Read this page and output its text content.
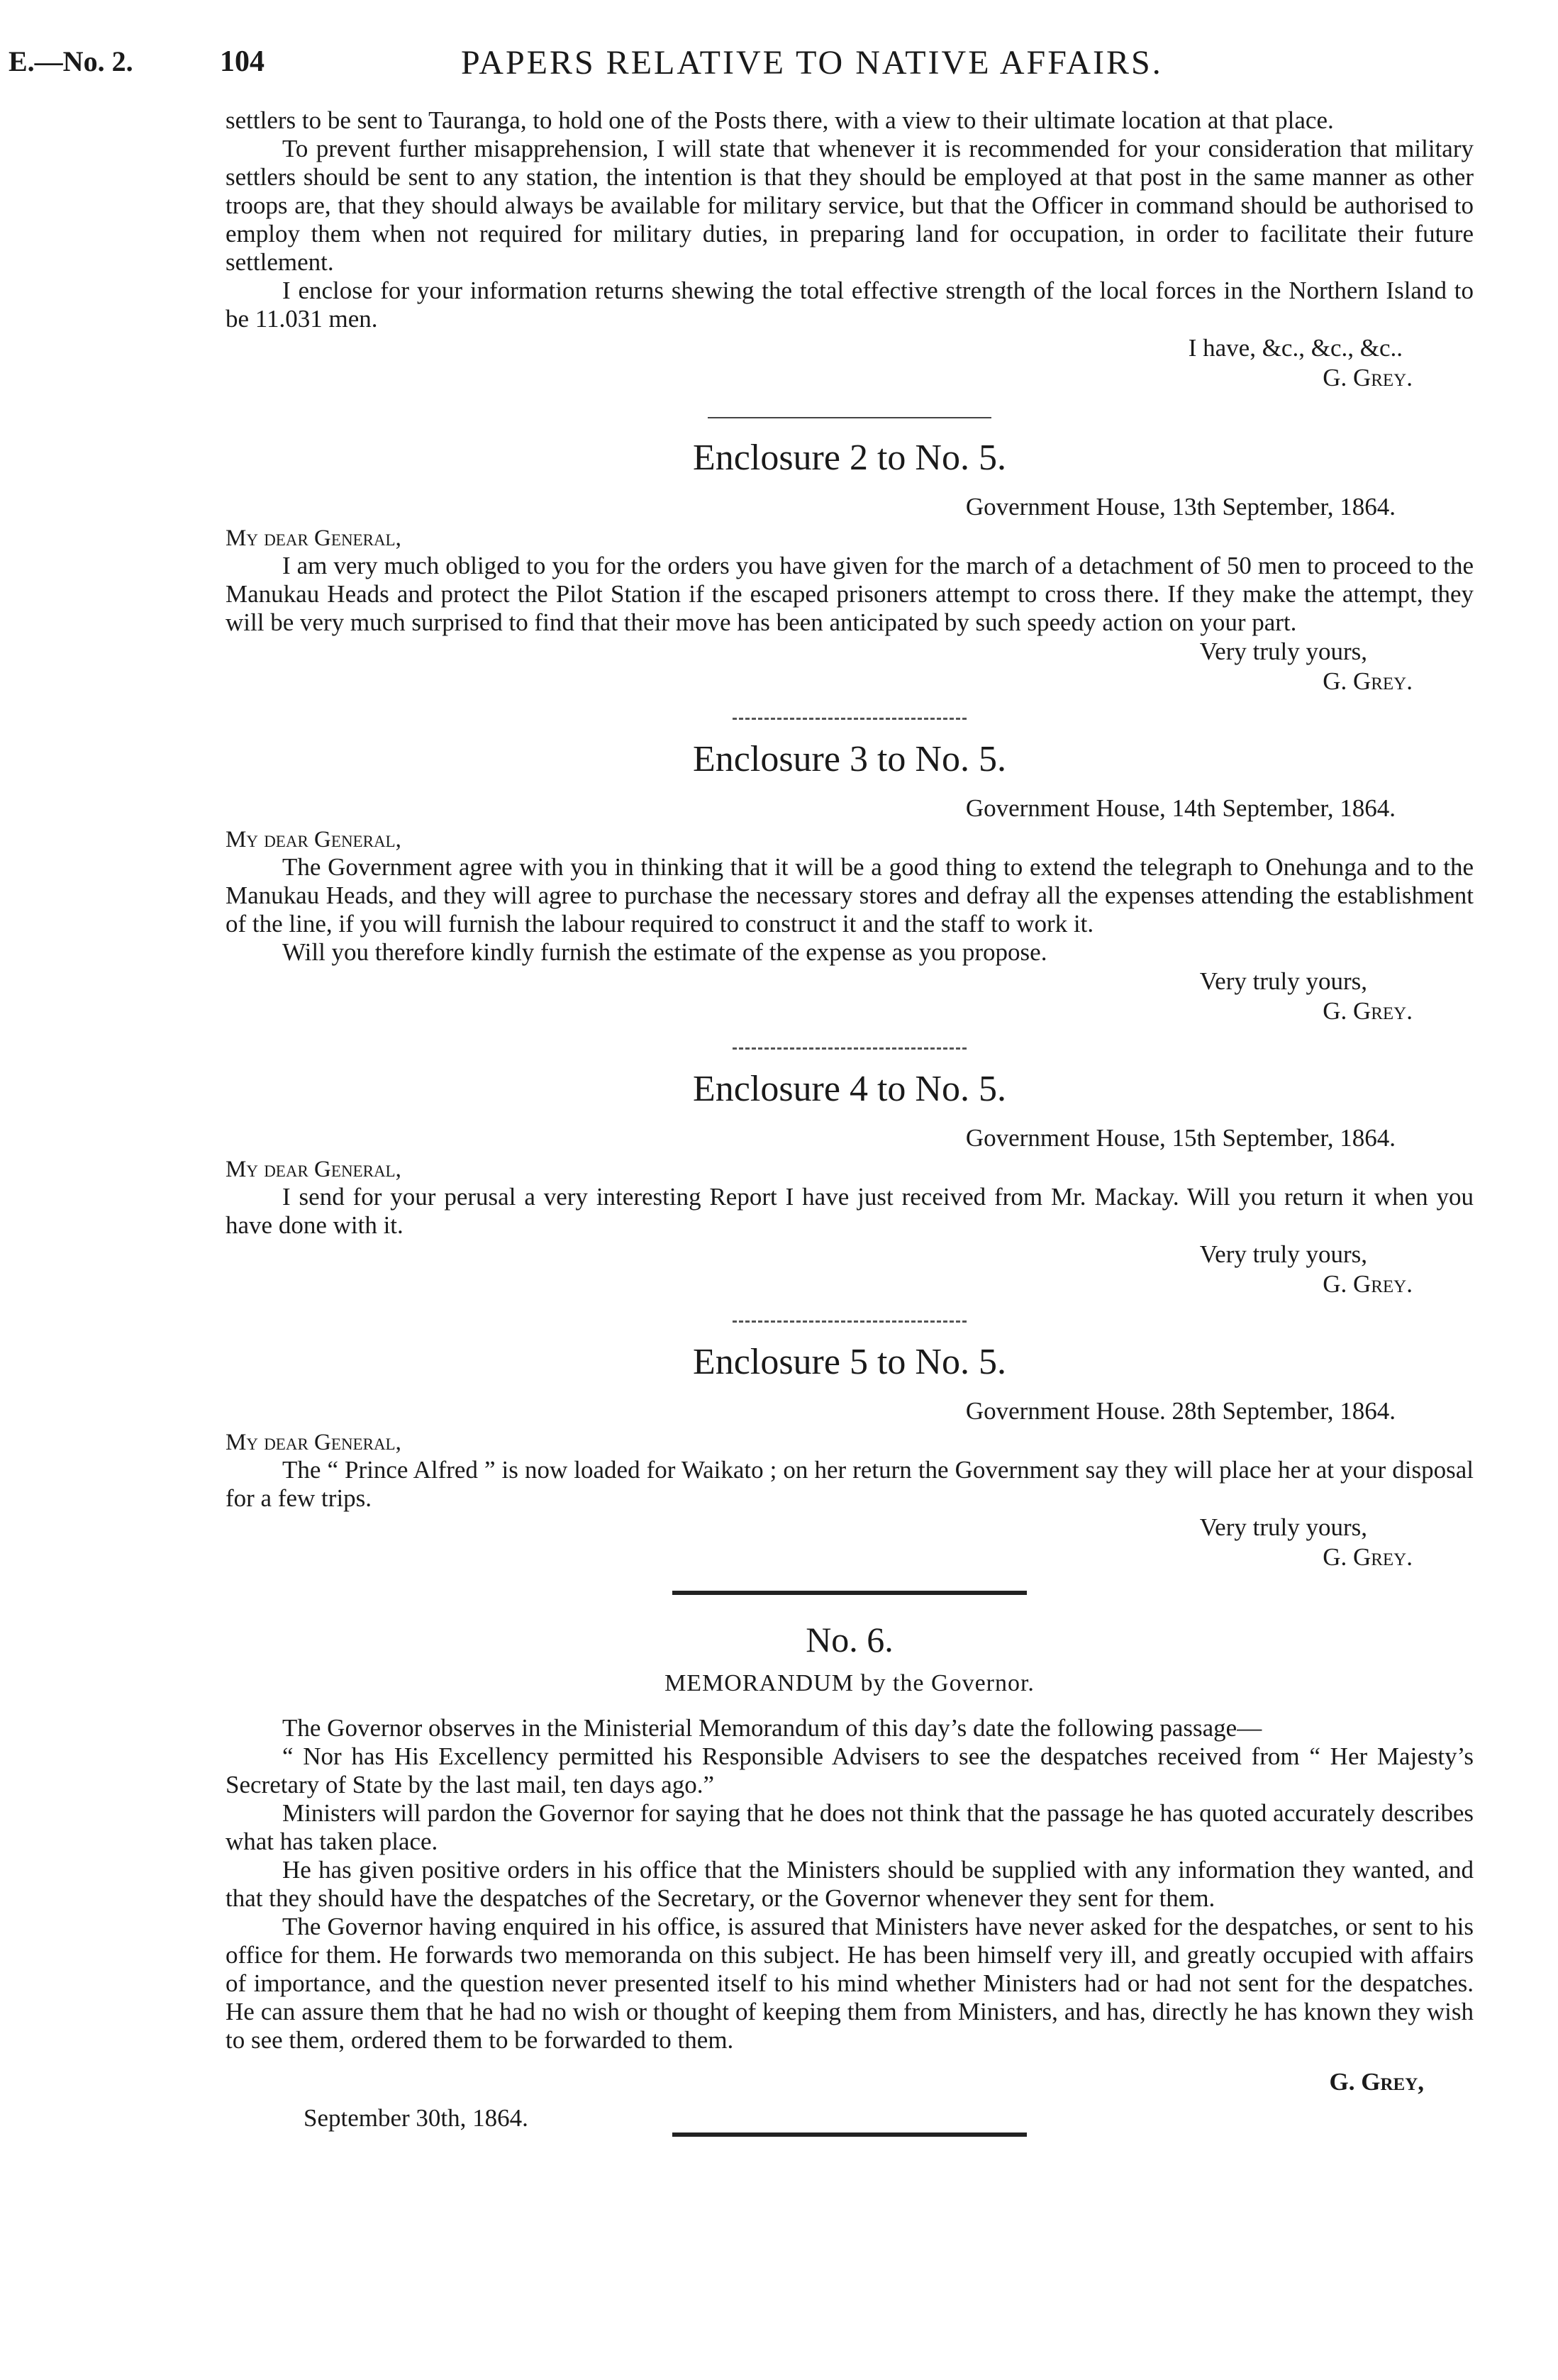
E.—No. 2.	104	PAPERS RELATIVE TO NATIVE AFFAIRS.

settlers to be sent to Tauranga, to hold one of the Posts there, with a view to their ultimate location at that place.

To prevent further misapprehension, I will state that whenever it is recommended for your consideration that military settlers should be sent to any station, the intention is that they should be employed at that post in the same manner as other troops are, that they should always be available for military service, but that the Officer in command should be authorised to employ them when not required for military duties, in preparing land for occupation, in order to facilitate their future settlement.

I enclose for your information returns shewing the total effective strength of the local forces in the Northern Island to be 11.031 men.

I have, &c., &c., &c..
G. Grey.
Enclosure 2 to No. 5.
Government House, 13th September, 1864.
My dear General,

I am very much obliged to you for the orders you have given for the march of a detachment of 50 men to proceed to the Manukau Heads and protect the Pilot Station if the escaped prisoners attempt to cross there. If they make the attempt, they will be very much surprised to find that their move has been anticipated by such speedy action on your part.

Very truly yours,
G. Grey.
Enclosure 3 to No. 5.
Government House, 14th September, 1864.
My dear General,

The Government agree with you in thinking that it will be a good thing to extend the telegraph to Onehunga and to the Manukau Heads, and they will agree to purchase the necessary stores and defray all the expenses attending the establishment of the line, if you will furnish the labour required to construct it and the staff to work it.

Will you therefore kindly furnish the estimate of the expense as you propose.

Very truly yours,
G. Grey.
Enclosure 4 to No. 5.
Government House, 15th September, 1864.
My dear General,

I send for your perusal a very interesting Report I have just received from Mr. Mackay. Will you return it when you have done with it.

Very truly yours,
G. Grey.
Enclosure 5 to No. 5.
Government House. 28th September, 1864.
My dear General,

The “ Prince Alfred ” is now loaded for Waikato ; on her return the Government say they will place her at your disposal for a few trips.

Very truly yours,
G. Grey.
No. 6.
MEMORANDUM by the Governor.

The Governor observes in the Ministerial Memorandum of this day’s date the following passage—

“ Nor has His Excellency permitted his Responsible Advisers to see the despatches received from “ Her Majesty’s Secretary of State by the last mail, ten days ago.”

Ministers will pardon the Governor for saying that he does not think that the passage he has quoted accurately describes what has taken place.

He has given positive orders in his office that the Ministers should be supplied with any information they wanted, and that they should have the despatches of the Secretary, or the Governor whenever they sent for them.

The Governor having enquired in his office, is assured that Ministers have never asked for the despatches, or sent to his office for them. He forwards two memoranda on this subject. He has been himself very ill, and greatly occupied with affairs of importance, and the question never presented itself to his mind whether Ministers had or had not sent for the despatches. He can assure them that he had no wish or thought of keeping them from Ministers, and has, directly he has known they wish to see them, ordered them to be forwarded to them.

G. Grey,
September 30th, 1864.
